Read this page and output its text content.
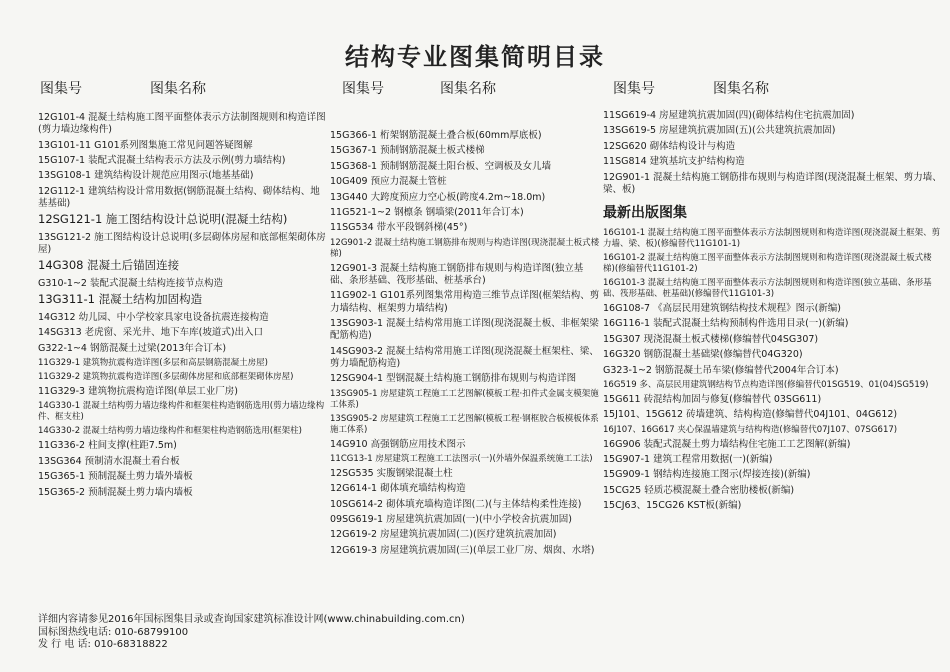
结构专业图集简明目录
图集号	图集名称
12G101-4 混凝土结构施工图平面整体表示方法制图规则和构造详图(剪力墙边缘构件)
13G101-11 G101系列图集施工常见问题答疑图解
15G107-1 装配式混凝土结构表示方法及示例(剪力墙结构)
13SG108-1 建筑结构设计规范应用图示(地基基础)
12G112-1 建筑结构设计常用数据(钢筋混凝土结构、砌体结构、地基基础)
12SG121-1 施工图结构设计总说明(混凝土结构)
13SG121-2 施工图结构设计总说明(多层砌体房屋和底部框架砌体房屋)
14G308 混凝土后锚固连接
G310-1~2 装配式混凝土结构连接节点构造
13G311-1 混凝土结构加固构造
14G312 幼儿园、中小学校家具家电设备抗震连接构造
14SG313 老虎窗、采光井、地下车库(坡道式)出入口
G322-1~4 钢筋混凝土过梁(2013年合订本)
11G329-1 建筑物抗震构造详图(多层和高层钢筋混凝土房屋)
11G329-2 建筑物抗震构造详图(多层砌体房屋和底部框架砌体房屋)
11G329-3 建筑物抗震构造详图(单层工业厂房)
14G330-1 混凝土结构剪力墙边缘构件和框架柱构造钢筋选用(剪力墙边缘构件、框支柱)
14G330-2 混凝土结构剪力墙边缘构件和框架柱构造钢筋选用(框架柱)
11G336-2 柱间支撑(柱距7.5m)
13SG364 预制清水混凝土看台板
15G365-1 预制混凝土剪力墙外墙板
15G365-2 预制混凝土剪力墙内墙板
图集号	图集名称
15G366-1 桁架钢筋混凝土叠合板(60mm厚底板)
15G367-1 预制钢筋混凝土板式楼梯
15G368-1 预制钢筋混凝土阳台板、空调板及女儿墙
10G409 预应力混凝土管桩
13G440 大跨度预应力空心板(跨度4.2m~18.0m)
11G521-1~2 钢檩条 钢墙梁(2011年合订本)
11SG534 带水平段钢斜梯(45°)
12G901-2 混凝土结构施工钢筋排布规则与构造详图(现浇混凝土板式楼梯)
12G901-3 混凝土结构施工钢筋排布规则与构造详图(独立基础、条形基础、筏形基础、桩基承台)
11G902-1 G101系列图集常用构造三维节点详图(框架结构、剪力墙结构、框架剪力墙结构)
13SG903-1 混凝土结构常用施工详图(现浇混凝土板、非框架梁配筋构造)
14SG903-2 混凝土结构常用施工详图(现浇混凝土框架柱、梁、剪力墙配筋构造)
12SG904-1 型钢混凝土结构施工钢筋排布规则与构造详图
13SG905-1 房屋建筑工程施工工艺图解(模板工程·扣件式金属支模架施工体系)
13SG905-2 房屋建筑工程施工工艺图解(模板工程·钢框胶合板模板体系施工体系)
14G910 高强钢筋应用技术图示
11CG13-1 房屋建筑工程施工工法图示(一)(外墙外保温系统施工工法)
12SG535 实腹钢梁混凝土柱
12G614-1 砌体填充墙结构构造
10SG614-2 砌体填充墙构造详图(二)(与主体结构柔性连接)
09SG619-1 房屋建筑抗震加固(一)(中小学校舍抗震加固)
12G619-2 房屋建筑抗震加固(二)(医疗建筑抗震加固)
12G619-3 房屋建筑抗震加固(三)(单层工业厂房、烟囱、水塔)
图集号	图集名称
11SG619-4 房屋建筑抗震加固(四)(砌体结构住宅抗震加固)
13SG619-5 房屋建筑抗震加固(五)(公共建筑抗震加固)
12SG620 砌体结构设计与构造
11SG814 建筑基坑支护结构构造
12G901-1 混凝土结构施工钢筋排布规则与构造详图(现浇混凝土框架、剪力墙、梁、板)
最新出版图集
16G101-1 混凝土结构施工图平面整体表示方法制图规则和构造详图(现浇混凝土框架、剪力墙、梁、板)(修编替代11G101-1)
16G101-2 混凝土结构施工图平面整体表示方法制图规则和构造详图(现浇混凝土板式楼梯)(修编替代11G101-2)
16G101-3 混凝土结构施工图平面整体表示方法制图规则和构造详图(独立基础、条形基础、筏形基础、桩基础)(修编替代11G101-3)
16G108-7 《高层民用建筑钢结构技术规程》图示(新编)
16G116-1 装配式混凝土结构预制构件选用目录(一)(新编)
15G307 现浇混凝土板式楼梯(修编替代04SG307)
16G320 钢筋混凝土基础梁(修编替代04G320)
G323-1~2 钢筋混凝土吊车梁(修编替代2004年合订本)
16G519 多、高层民用建筑钢结构节点构造详图(修编替代01SG519、01(04)SG519)
15G611 砖混结构加固与修复(修编替代 03SG611)
15J101、15G612 砖墙建筑、结构构造(修编替代04J101、04G612)
16J107、16G617 夹心保温墙建筑与结构构造(修编替代07J107、07SG617)
16G906 装配式混凝土剪力墙结构住宅施工工艺图解(新编)
15G907-1 建筑工程常用数据(一)(新编)
15G909-1 钢结构连接施工图示(焊接连接)(新编)
15CG25 轻质芯模混凝土叠合密肋楼板(新编)
15CJ63、15CG26 KST板(新编)
详细内容请参见2016年国标图集目录或查询国家建筑标准设计网(www.chinabuilding.com.cn)
国标图热线电话: 010-68799100
发 行 电 话: 010-68318822
